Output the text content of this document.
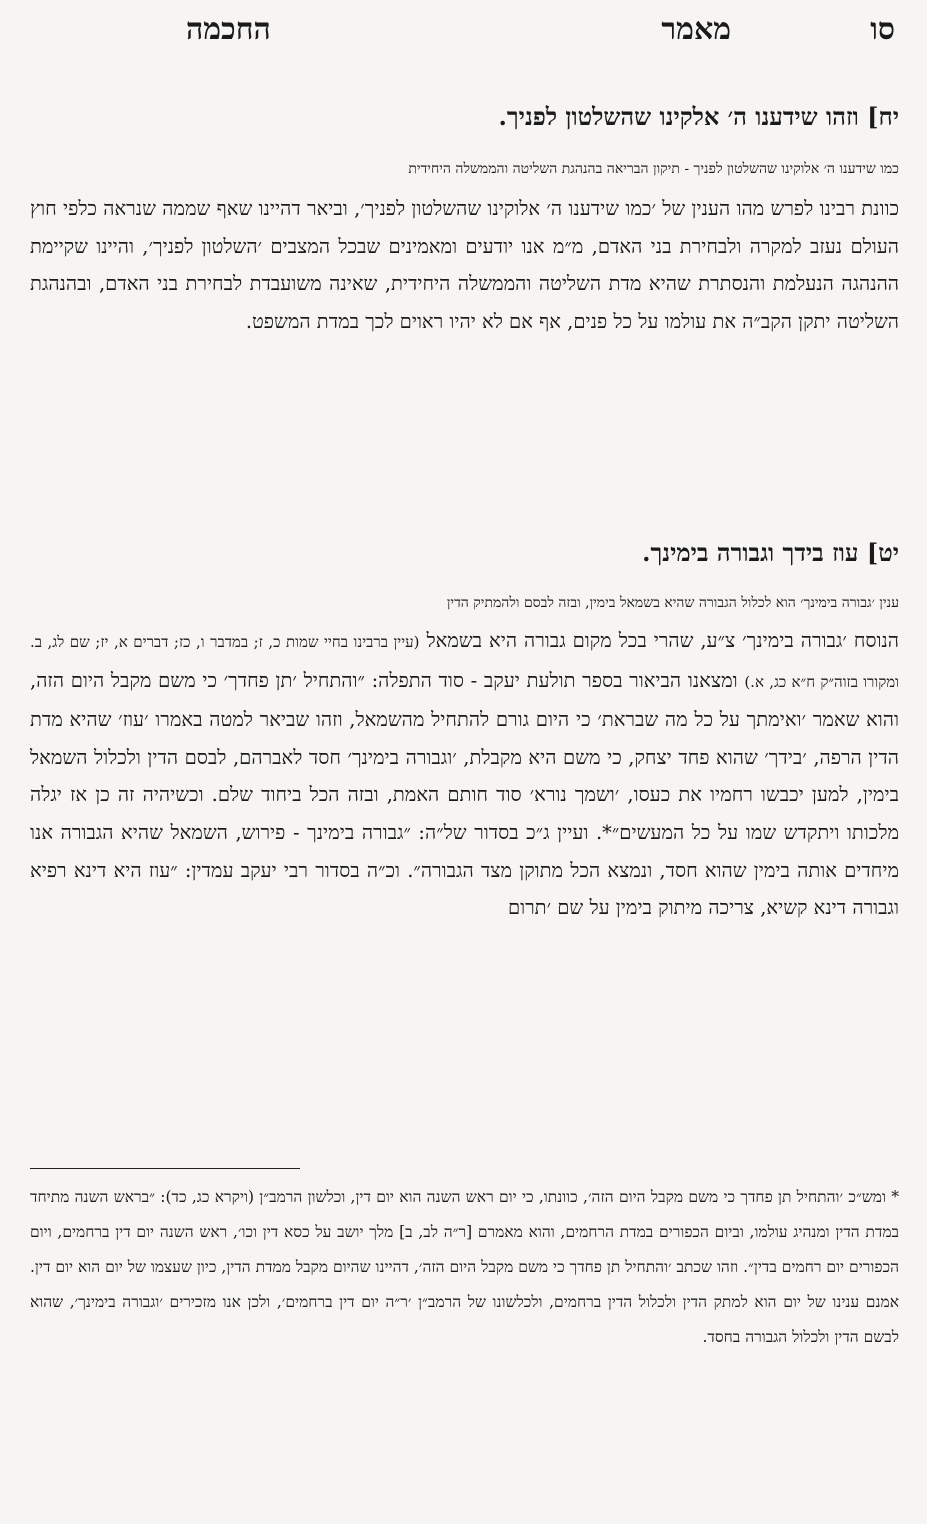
סו
מאמר
החכמה
יח] וזהו שידענו ה׳ אלקינו שהשלטון לפניך.
כמו שידענו ה׳ אלוקינו שהשלטון לפניך - תיקון הבריאה בהנהגת השליטה והממשלה היחידית
כוונת רבינו לפרש מהו הענין של ׳כמו שידענו ה׳ אלוקינו שהשלטון לפניך׳, וביאר דהיינו שאף שממה שנראה כלפי חוץ העולם נעזב למקרה ולבחירת בני האדם, מ״מ אנו יודעים ומאמינים שבכל המצבים ׳השלטון לפניך׳, והיינו שקיימת ההנהגה הנעלמת והנסתרת שהיא מדת השליטה והממשלה היחידית, שאינה משועבדת לבחירת בני האדם, ובהנהגת השליטה יתקן הקב״ה את עולמו על כל פנים, אף אם לא יהיו ראוים לכך במדת המשפט.
יט] עוז בידך וגבורה בימינך.
ענין ׳גבורה בימינך׳ הוא לכלול הגבורה שהיא בשמאל בימין, ובזה לבסם ולהמתיק הדין
הנוסח ׳גבורה בימינך׳ צ״ע, שהרי בכל מקום גבורה היא בשמאל (עיין ברבינו בחיי שמות כ, ז; במדבר ו, כז; דברים א, יז; שם לג, ב. ומקורו בזוה״ק ח״א כג, א.) ומצאנו הביאור בספר תולעת יעקב - סוד התפלה: ״והתחיל ׳תן פחדך׳ כי משם מקבל היום הזה, והוא שאמר ׳ואימתך על כל מה שבראת׳ כי היום גורם להתחיל מהשמאל, וזהו שביאר למטה באמרו ׳עוז׳ שהיא מדת הדין הרפה, ׳בידך׳ שהוא פחד יצחק, כי משם היא מקבלת, ׳וגבורה בימינך׳ חסד לאברהם, לבסם הדין ולכלול השמאל בימין, למען יכבשו רחמיו את כעסו, ׳ושמך נורא׳ סוד חותם האמת, ובזה הכל ביחוד שלם. וכשיהיה זה כן אז יגלה מלכותו ויתקדש שמו על כל המעשים״*. ועיין ג״כ בסדור של״ה: ״גבורה בימינך - פירוש, השמאל שהיא הגבורה אנו מיחדים אותה בימין שהוא חסד, ונמצא הכל מתוקן מצד הגבורה״. וכ״ה בסדור רבי יעקב עמדין: ״עוז היא דינא רפיא וגבורה דינא קשיא, צריכה מיתוק בימין על שם ׳תרום
* ומש״כ ׳והתחיל תן פחדך כי משם מקבל היום הזה׳, כוונתו, כי יום ראש השנה הוא יום דין, וכלשון הרמב״ן (ויקרא כג, כד): ״בראש השנה מתיחד במדת הדין ומנהיג עולמו, וביום הכפורים במדת הרחמים, והוא מאמרם [ר״ה לב, ב] מלך יושב על כסא דין וכו׳, ראש השנה יום דין ברחמים, ויום הכפורים יום רחמים בדין״. וזהו שכתב ׳והתחיל תן פחדך כי משם מקבל היום הזה׳, דהיינו שהיום מקבל ממדת הדין, כיון שעצמו של יום הוא יום דין. אמנם ענינו של יום הוא למתק הדין ולכלול הדין ברחמים, ולכלשונו של הרמב״ן ׳ר״ה יום דין ברחמים׳, ולכן אנו מזכירים ׳וגבורה בימינך׳, שהוא לבשם הדין ולכלול הגבורה בחסד.
